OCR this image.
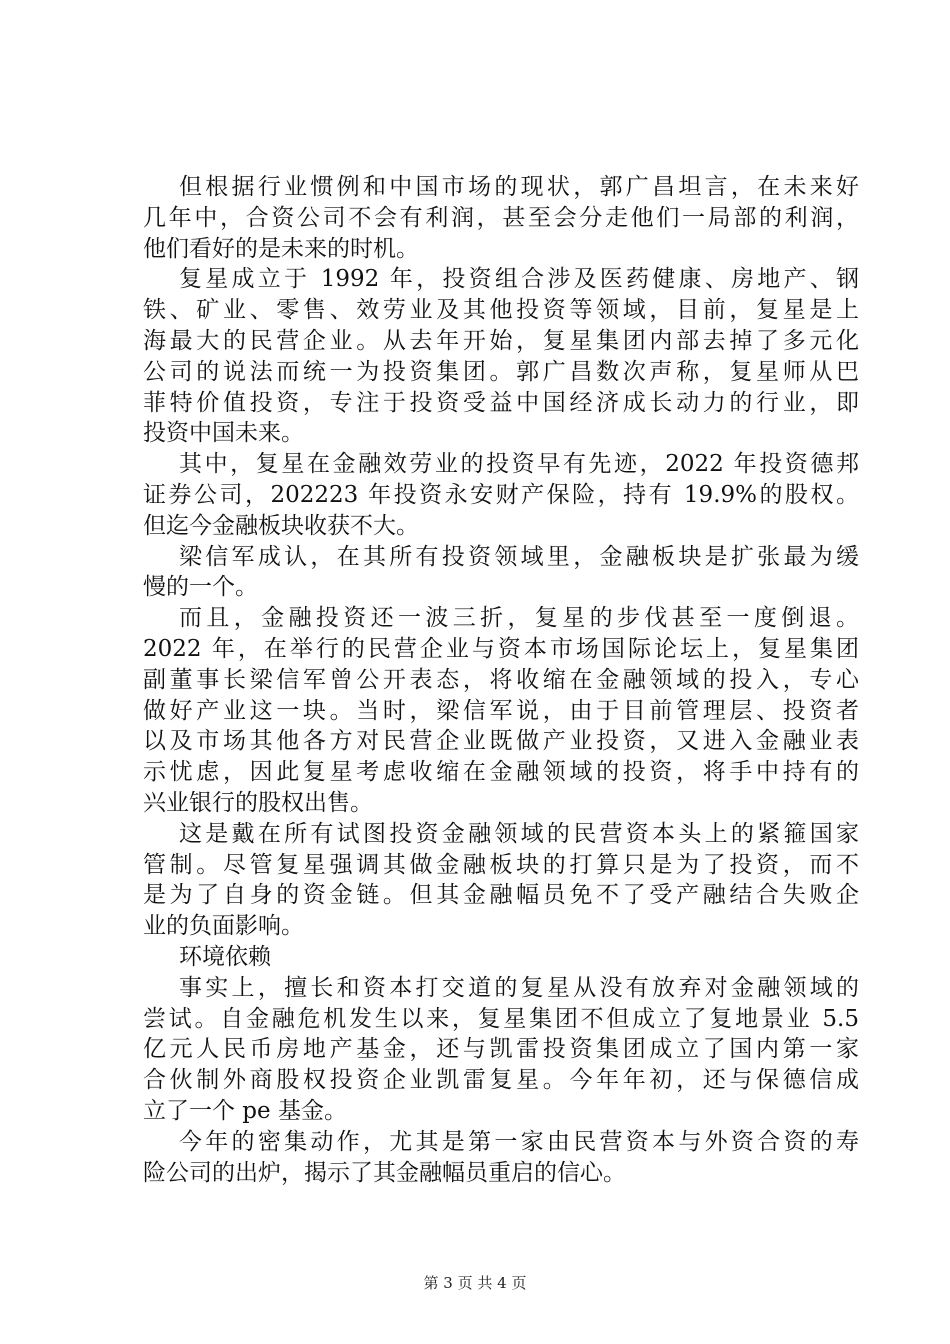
但根据行业惯例和中国市场的现状，郭广昌坦言，在未来好
几年中，合资公司不会有利润，甚至会分走他们一局部的利润，
他们看好的是未来的时机。
复星成立于 1992 年，投资组合涉及医药健康、房地产、钢
铁、矿业、零售、效劳业及其他投资等领域，目前，复星是上
海最大的民营企业。从去年开始，复星集团内部去掉了多元化
公司的说法而统一为投资集团。郭广昌数次声称，复星师从巴
菲特价值投资，专注于投资受益中国经济成长动力的行业，即
投资中国未来。
其中，复星在金融效劳业的投资早有先迹，2022 年投资德邦
证券公司，202223 年投资永安财产保险，持有 19.9%的股权。
但迄今金融板块收获不大。
梁信军成认，在其所有投资领域里，金融板块是扩张最为缓
慢的一个。
而且，金融投资还一波三折，复星的步伐甚至一度倒退。
2022 年，在举行的民营企业与资本市场国际论坛上，复星集团
副董事长梁信军曾公开表态，将收缩在金融领域的投入，专心
做好产业这一块。当时，梁信军说，由于目前管理层、投资者
以及市场其他各方对民营企业既做产业投资，又进入金融业表
示忧虑，因此复星考虑收缩在金融领域的投资，将手中持有的
兴业银行的股权出售。
这是戴在所有试图投资金融领域的民营资本头上的紧箍国家
管制。尽管复星强调其做金融板块的打算只是为了投资，而不
是为了自身的资金链。但其金融幅员免不了受产融结合失败企
业的负面影响。
环境依赖
事实上，擅长和资本打交道的复星从没有放弃对金融领域的
尝试。自金融危机发生以来，复星集团不但成立了复地景业 5.5
亿元人民币房地产基金，还与凯雷投资集团成立了国内第一家
合伙制外商股权投资企业凯雷复星。今年年初，还与保德信成
立了一个 pe 基金。
今年的密集动作，尤其是第一家由民营资本与外资合资的寿
险公司的出炉，揭示了其金融幅员重启的信心。
第 3 页 共 4 页
